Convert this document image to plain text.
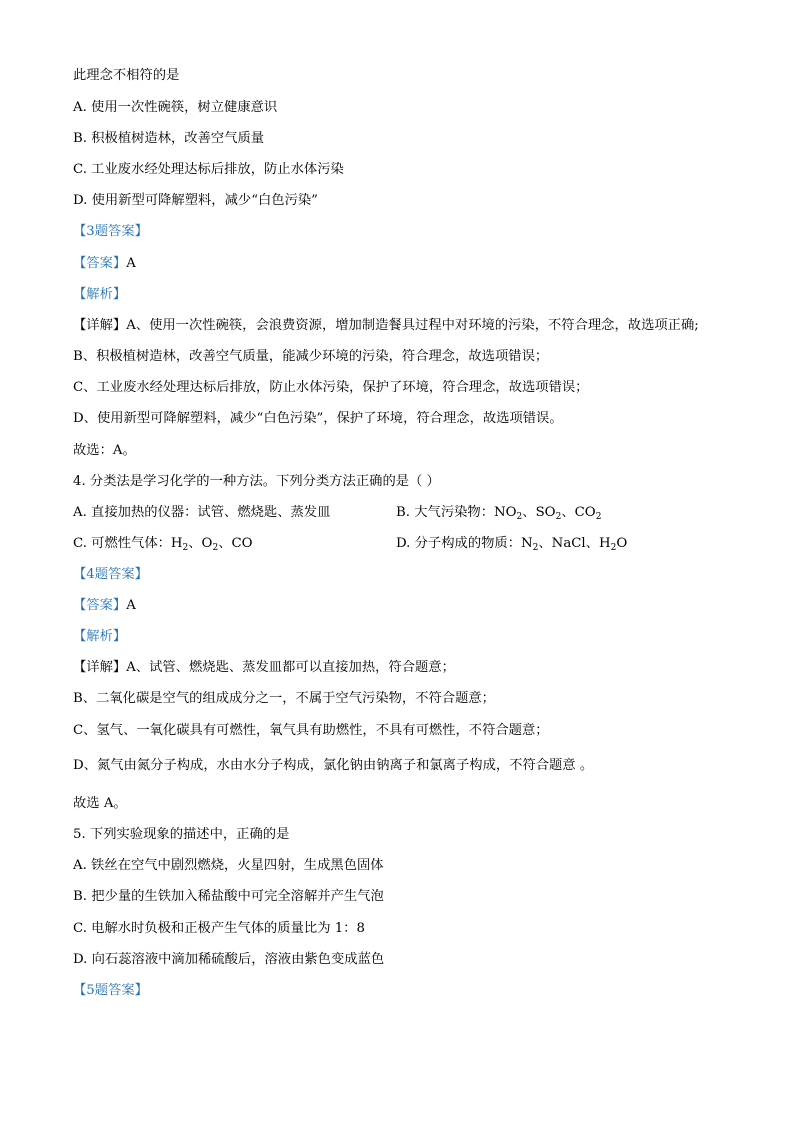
此理念不相符的是
A. 使用一次性碗筷，树立健康意识
B. 积极植树造林，改善空气质量
C. 工业废水经处理达标后排放，防止水体污染
D. 使用新型可降解塑料，减少“白色污染”
【3题答案】
【答案】A
【解析】
【详解】A、使用一次性碗筷，会浪费资源，增加制造餐具过程中对环境的污染，不符合理念，故选项正确;
B、积极植树造林，改善空气质量，能减少环境的污染，符合理念，故选项错误；
C、工业废水经处理达标后排放，防止水体污染，保护了环境，符合理念，故选项错误；
D、使用新型可降解塑料，减少“白色污染”，保护了环境，符合理念，故选项错误。
故选：A。
4. 分类法是学习化学的一种方法。下列分类方法正确的是（ ）
A. 直接加热的仪器：试管、燃烧匙、蒸发皿	B. 大气污染物：$NO_2$、$SO_2$、$CO_2$
C. 可燃性气体：$H_2$、$O_2$、CO	D. 分子构成的物质：$N_2$、NaCl、$H_2O$
【4题答案】
【答案】A
【解析】
【详解】A、试管、燃烧匙、蒸发皿都可以直接加热，符合题意；
B、二氧化碳是空气的组成成分之一，不属于空气污染物，不符合题意；
C、氢气、一氧化碳具有可燃性，氧气具有助燃性，不具有可燃性，不符合题意；
D、氮气由氮分子构成，水由水分子构成，氯化钠由钠离子和氯离子构成，不符合题意 。
故选 A。
5. 下列实验现象的描述中，正确的是
A. 铁丝在空气中剧烈燃烧，火星四射，生成黑色固体
B. 把少量的生铁加入稀盐酸中可完全溶解并产生气泡
C. 电解水时负极和正极产生气体的质量比为 1：8
D. 向石蕊溶液中滴加稀硫酸后，溶液由紫色变成蓝色
【5题答案】
